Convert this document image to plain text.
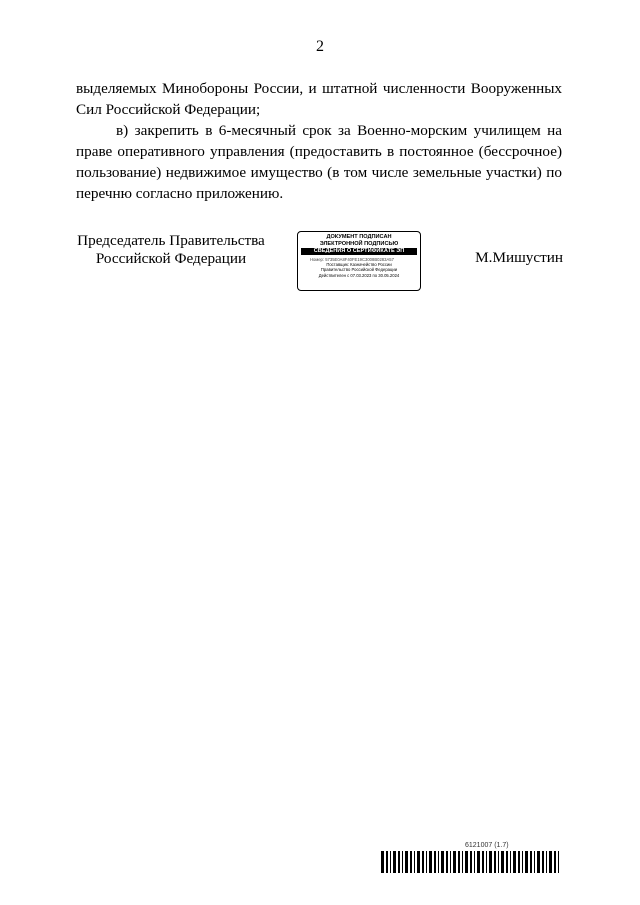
2

выделяемых Минобороны России, и штатной численности Вооруженных Сил Российской Федерации;

в) закрепить в 6-месячный срок за Военно-морским училищем на праве оперативного управления (предоставить в постоянное (бессрочное) пользование) недвижимое имущество (в том числе земельные участки) по перечню согласно приложению.

Председатель Правительства
Российской Федерации
ДОКУМЕНТ ПОДПИСАН
ЭЛЕКТРОННОЙ ПОДПИСЬЮ
СВЕДЕНИЯ О СЕРТИФИКАТЕ ЭП
Номер: 5735E0A8F40FE19C3008B0283A57
Поставщик: Казначейство России
Правительство Российской Федерации
Действителен с 07.03.2023 по 30.05.2024
М.Мишустин
6121007 (1.7)
